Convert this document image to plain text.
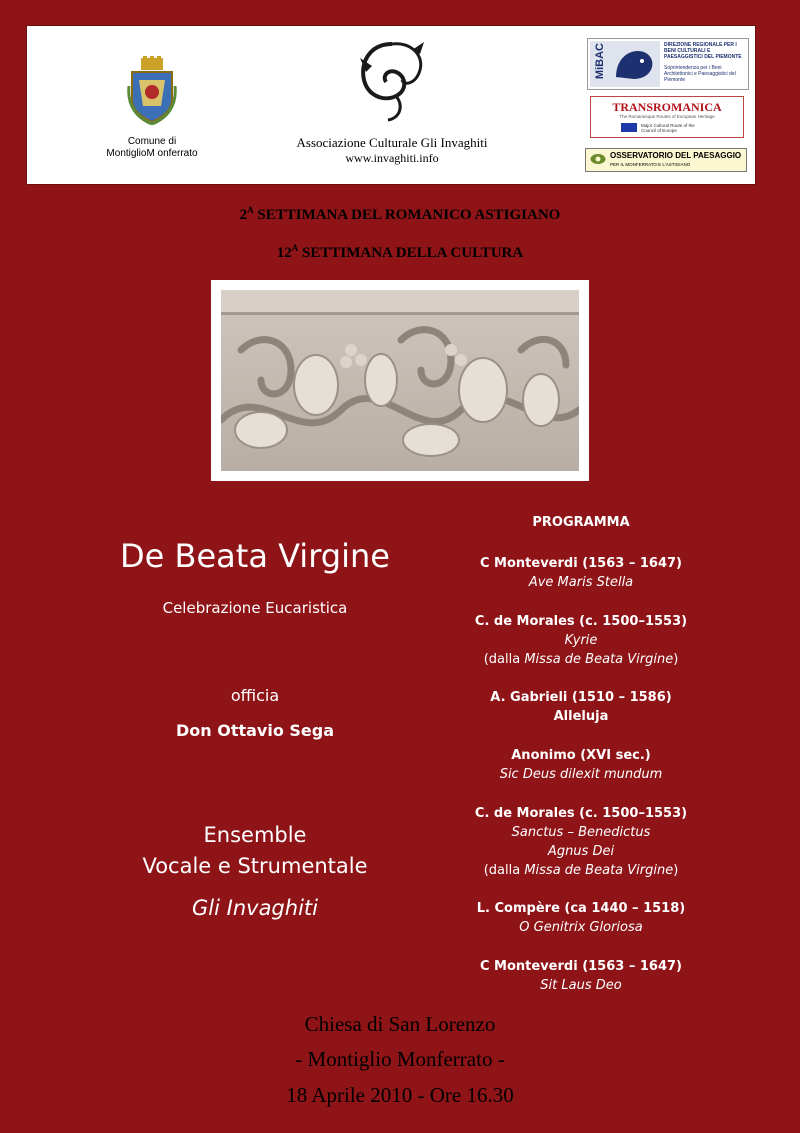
Comune di
MontiglioM onferrato
Associazione Culturale Gli Invaghiti
www.invaghiti.info
MiBAC	DIREZIONE REGIONALE PER I BENI CULTURALI E PAESAGGISTICI DEL PIEMONTE
Soprintendenza per i Beni Architettonici e Paesaggistici del Piemonte
TRANSROMANICA
The Romanesque Routes of European Heritage
Major Cultural Route of the Council of Europe
OSSERVATORIO DEL PAESAGGIO
PER IL MONFERRATO E L'ASTIGIANO
$2^A$ SETTIMANA DEL ROMANICO ASTIGIANO
$12^A$ SETTIMANA DELLA CULTURA
De Beata Virgine
Celebrazione Eucaristica
officia
Don Ottavio Sega
Ensemble
Vocale e Strumentale
Gli Invaghiti
PROGRAMMA
C Monteverdi (1563 – 1647)
Ave Maris Stella
C. de Morales (c. 1500–1553)
Kyrie
(dalla Missa de Beata Virgine)
A. Gabrieli (1510 – 1586)
Alleluja
Anonimo (XVI sec.)
Sic Deus dilexit mundum
C. de Morales (c. 1500–1553)
Sanctus – Benedictus
Agnus Dei
(dalla Missa de Beata Virgine)
L. Compère (ca 1440 – 1518)
O Genitrix Gloriosa
C Monteverdi (1563 – 1647)
Sit Laus Deo
Chiesa di San Lorenzo
- Montiglio Monferrato -
18 Aprile 2010 - Ore 16.30
